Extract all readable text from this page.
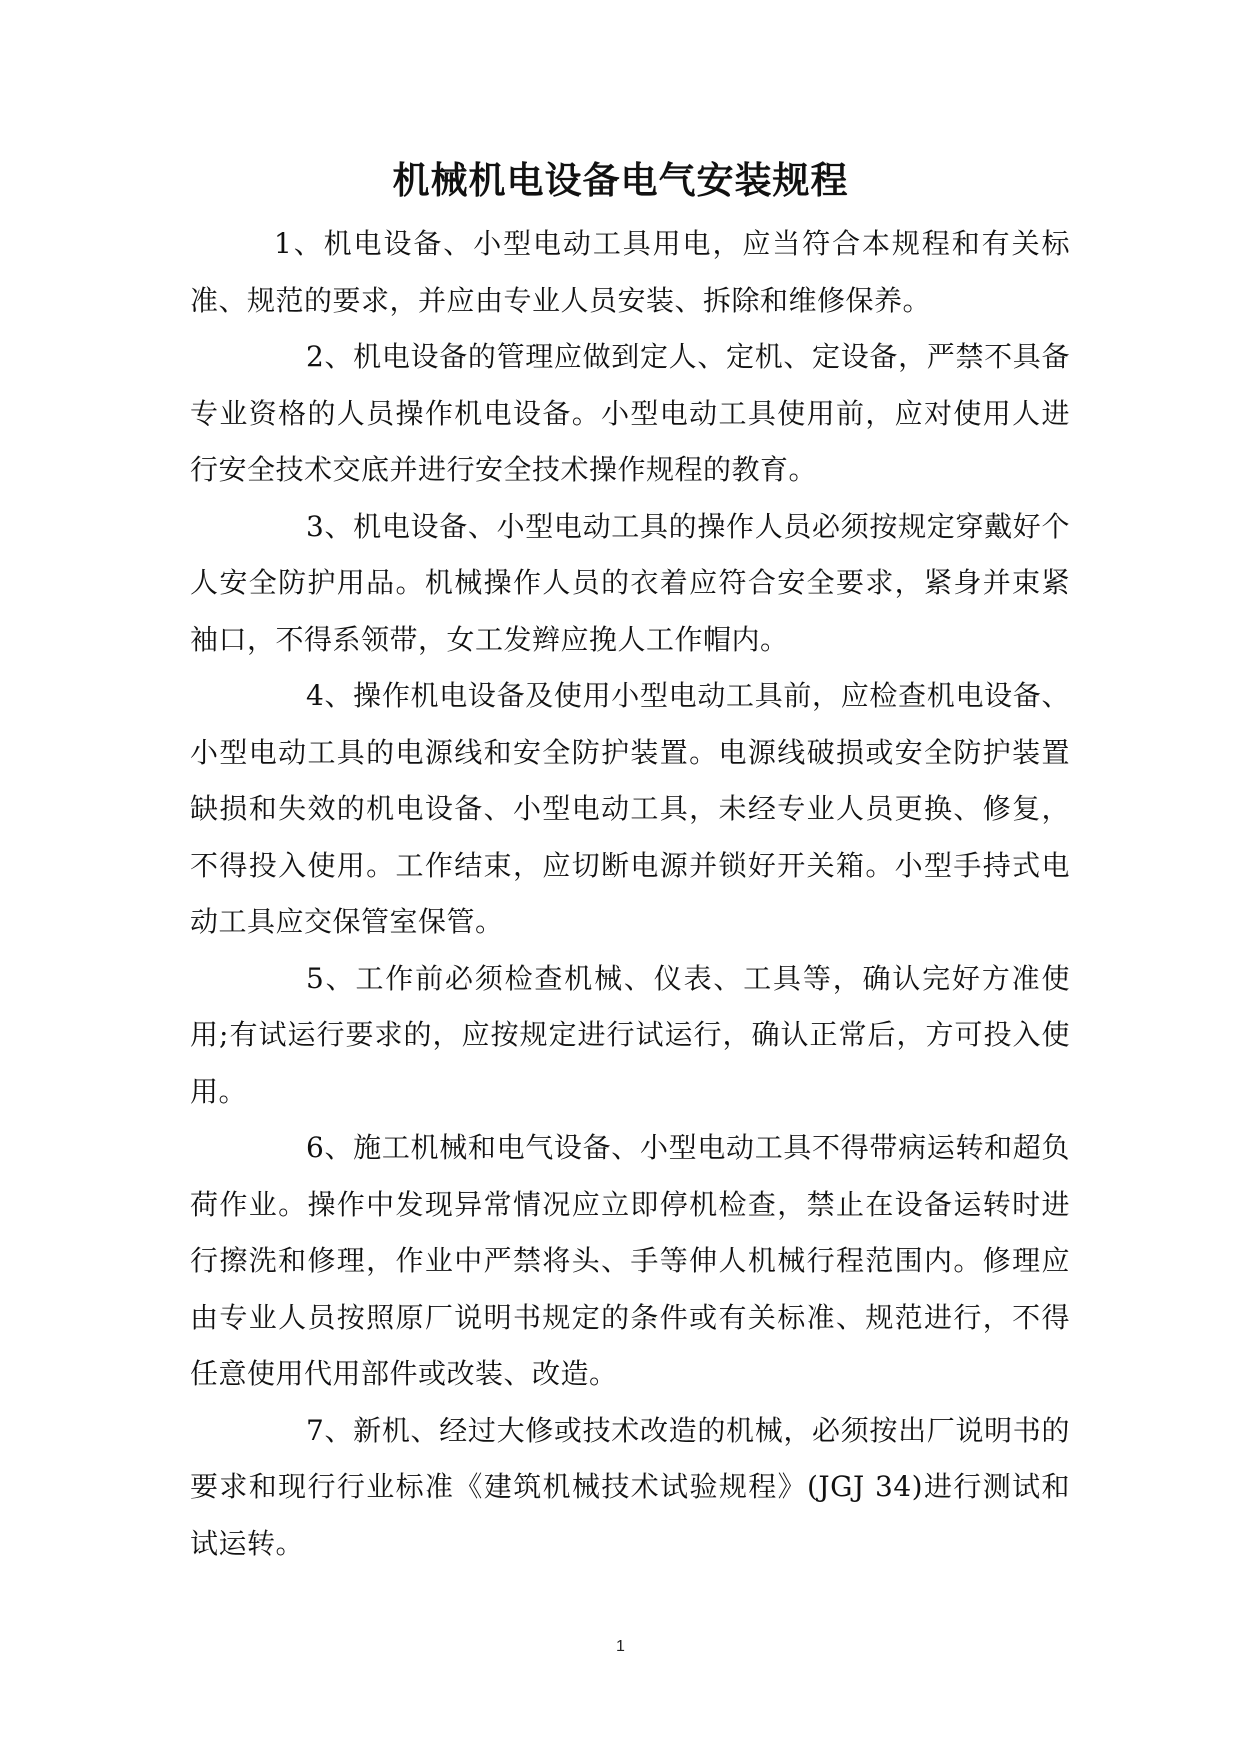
机械机电设备电气安装规程

1、机电设备、小型电动工具用电，应当符合本规程和有关标准、规范的要求，并应由专业人员安装、拆除和维修保养。

2、机电设备的管理应做到定人、定机、定设备，严禁不具备专业资格的人员操作机电设备。小型电动工具使用前，应对使用人进行安全技术交底并进行安全技术操作规程的教育。

3、机电设备、小型电动工具的操作人员必须按规定穿戴好个人安全防护用品。机械操作人员的衣着应符合安全要求，紧身并束紧袖口，不得系领带，女工发辫应挽人工作帽内。

4、操作机电设备及使用小型电动工具前，应检查机电设备、小型电动工具的电源线和安全防护装置。电源线破损或安全防护装置缺损和失效的机电设备、小型电动工具，未经专业人员更换、修复，不得投入使用。工作结束，应切断电源并锁好开关箱。小型手持式电动工具应交保管室保管。

5、工作前必须检查机械、仪表、工具等，确认完好方准使用;有试运行要求的，应按规定进行试运行，确认正常后，方可投入使用。

6、施工机械和电气设备、小型电动工具不得带病运转和超负荷作业。操作中发现异常情况应立即停机检查，禁止在设备运转时进行擦洗和修理，作业中严禁将头、手等伸人机械行程范围内。修理应由专业人员按照原厂说明书规定的条件或有关标准、规范进行，不得任意使用代用部件或改装、改造。

7、新机、经过大修或技术改造的机械，必须按出厂说明书的要求和现行行业标准《建筑机械技术试验规程》(JGJ 34)进行测试和试运转。

1
